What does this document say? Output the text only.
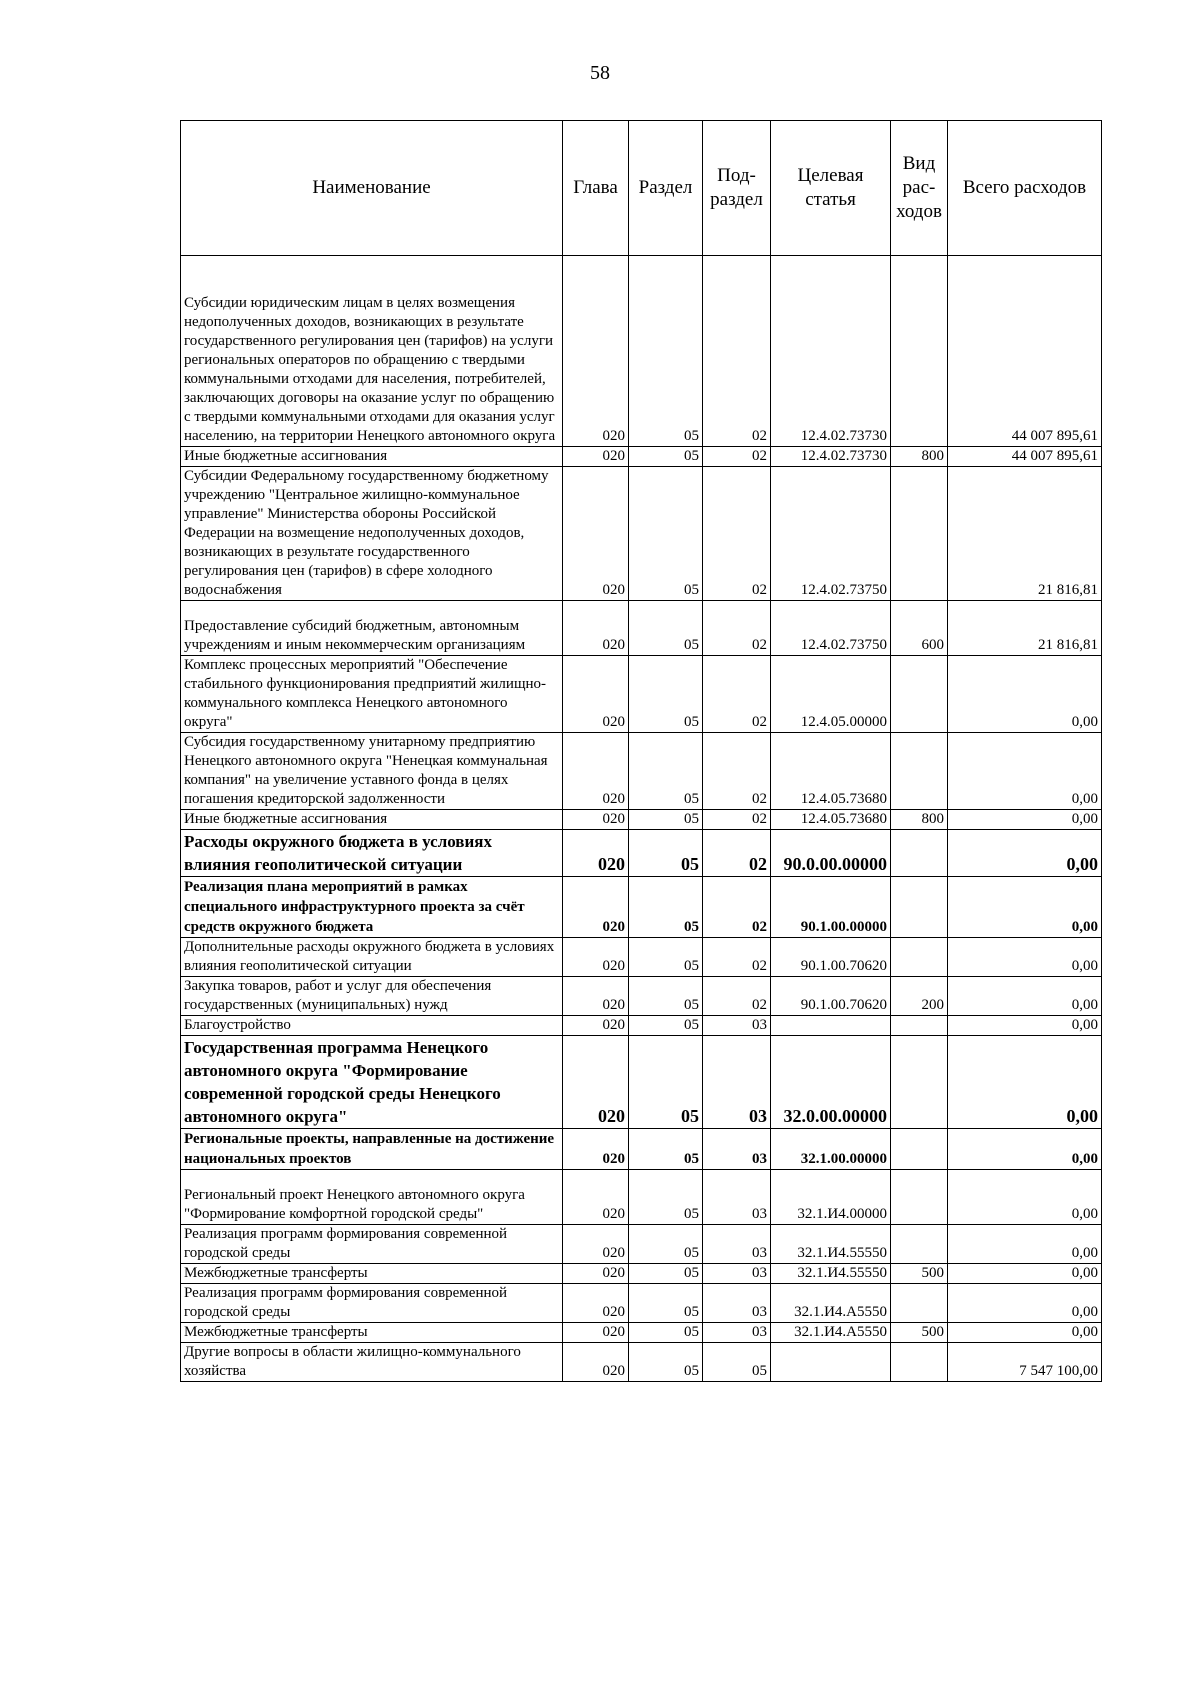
58
Наименование	Глава	Раздел	Под-раздел	Целевая статья	Вид рас-ходов	Всего расходов
Субсидии юридическим лицам в целях возмещения недополученных доходов, возникающих в результате государственного регулирования цен (тарифов) на услуги региональных операторов по обращению с твердыми коммунальными отходами для населения, потребителей, заключающих договоры на оказание услуг по обращению с твердыми коммунальными отходами для оказания услуг населению, на территории Ненецкого автономного округа	020	05	02	12.4.02.73730		44 007 895,61
Иные бюджетные ассигнования	020	05	02	12.4.02.73730	800	44 007 895,61
Субсидии Федеральному государственному бюджетному учреждению "Центральное жилищно-коммунальное управление" Министерства обороны Российской Федерации на возмещение недополученных доходов, возникающих в результате государственного регулирования цен (тарифов) в сфере холодного водоснабжения	020	05	02	12.4.02.73750		21 816,81
Предоставление субсидий бюджетным, автономным учреждениям и иным некоммерческим организациям	020	05	02	12.4.02.73750	600	21 816,81
Комплекс процессных мероприятий "Обеспечение стабильного функционирования предприятий жилищно-коммунального комплекса Ненецкого автономного округа"	020	05	02	12.4.05.00000		0,00
Субсидия государственному унитарному предприятию Ненецкого автономного округа "Ненецкая коммунальная компания" на увеличение уставного фонда в целях погашения кредиторской задолженности	020	05	02	12.4.05.73680		0,00
Иные бюджетные ассигнования	020	05	02	12.4.05.73680	800	0,00
Расходы окружного бюджета в условиях влияния геополитической ситуации	020	05	02	90.0.00.00000		0,00
Реализация плана мероприятий в рамках специального инфраструктурного проекта за счёт средств окружного бюджета	020	05	02	90.1.00.00000		0,00
Дополнительные расходы окружного бюджета в условиях влияния геополитической ситуации	020	05	02	90.1.00.70620		0,00
Закупка товаров, работ и услуг для обеспечения государственных (муниципальных) нужд	020	05	02	90.1.00.70620	200	0,00
Благоустройство	020	05	03			0,00
Государственная программа Ненецкого автономного округа "Формирование современной городской среды Ненецкого автономного округа"	020	05	03	32.0.00.00000		0,00
Региональные проекты, направленные на достижение национальных проектов	020	05	03	32.1.00.00000		0,00
Региональный проект Ненецкого автономного округа "Формирование комфортной городской среды"	020	05	03	32.1.И4.00000		0,00
Реализация программ формирования современной городской среды	020	05	03	32.1.И4.55550		0,00
Межбюджетные трансферты	020	05	03	32.1.И4.55550	500	0,00
Реализация программ формирования современной городской среды	020	05	03	32.1.И4.А5550		0,00
Межбюджетные трансферты	020	05	03	32.1.И4.А5550	500	0,00
Другие вопросы в области жилищно-коммунального хозяйства	020	05	05			7 547 100,00
